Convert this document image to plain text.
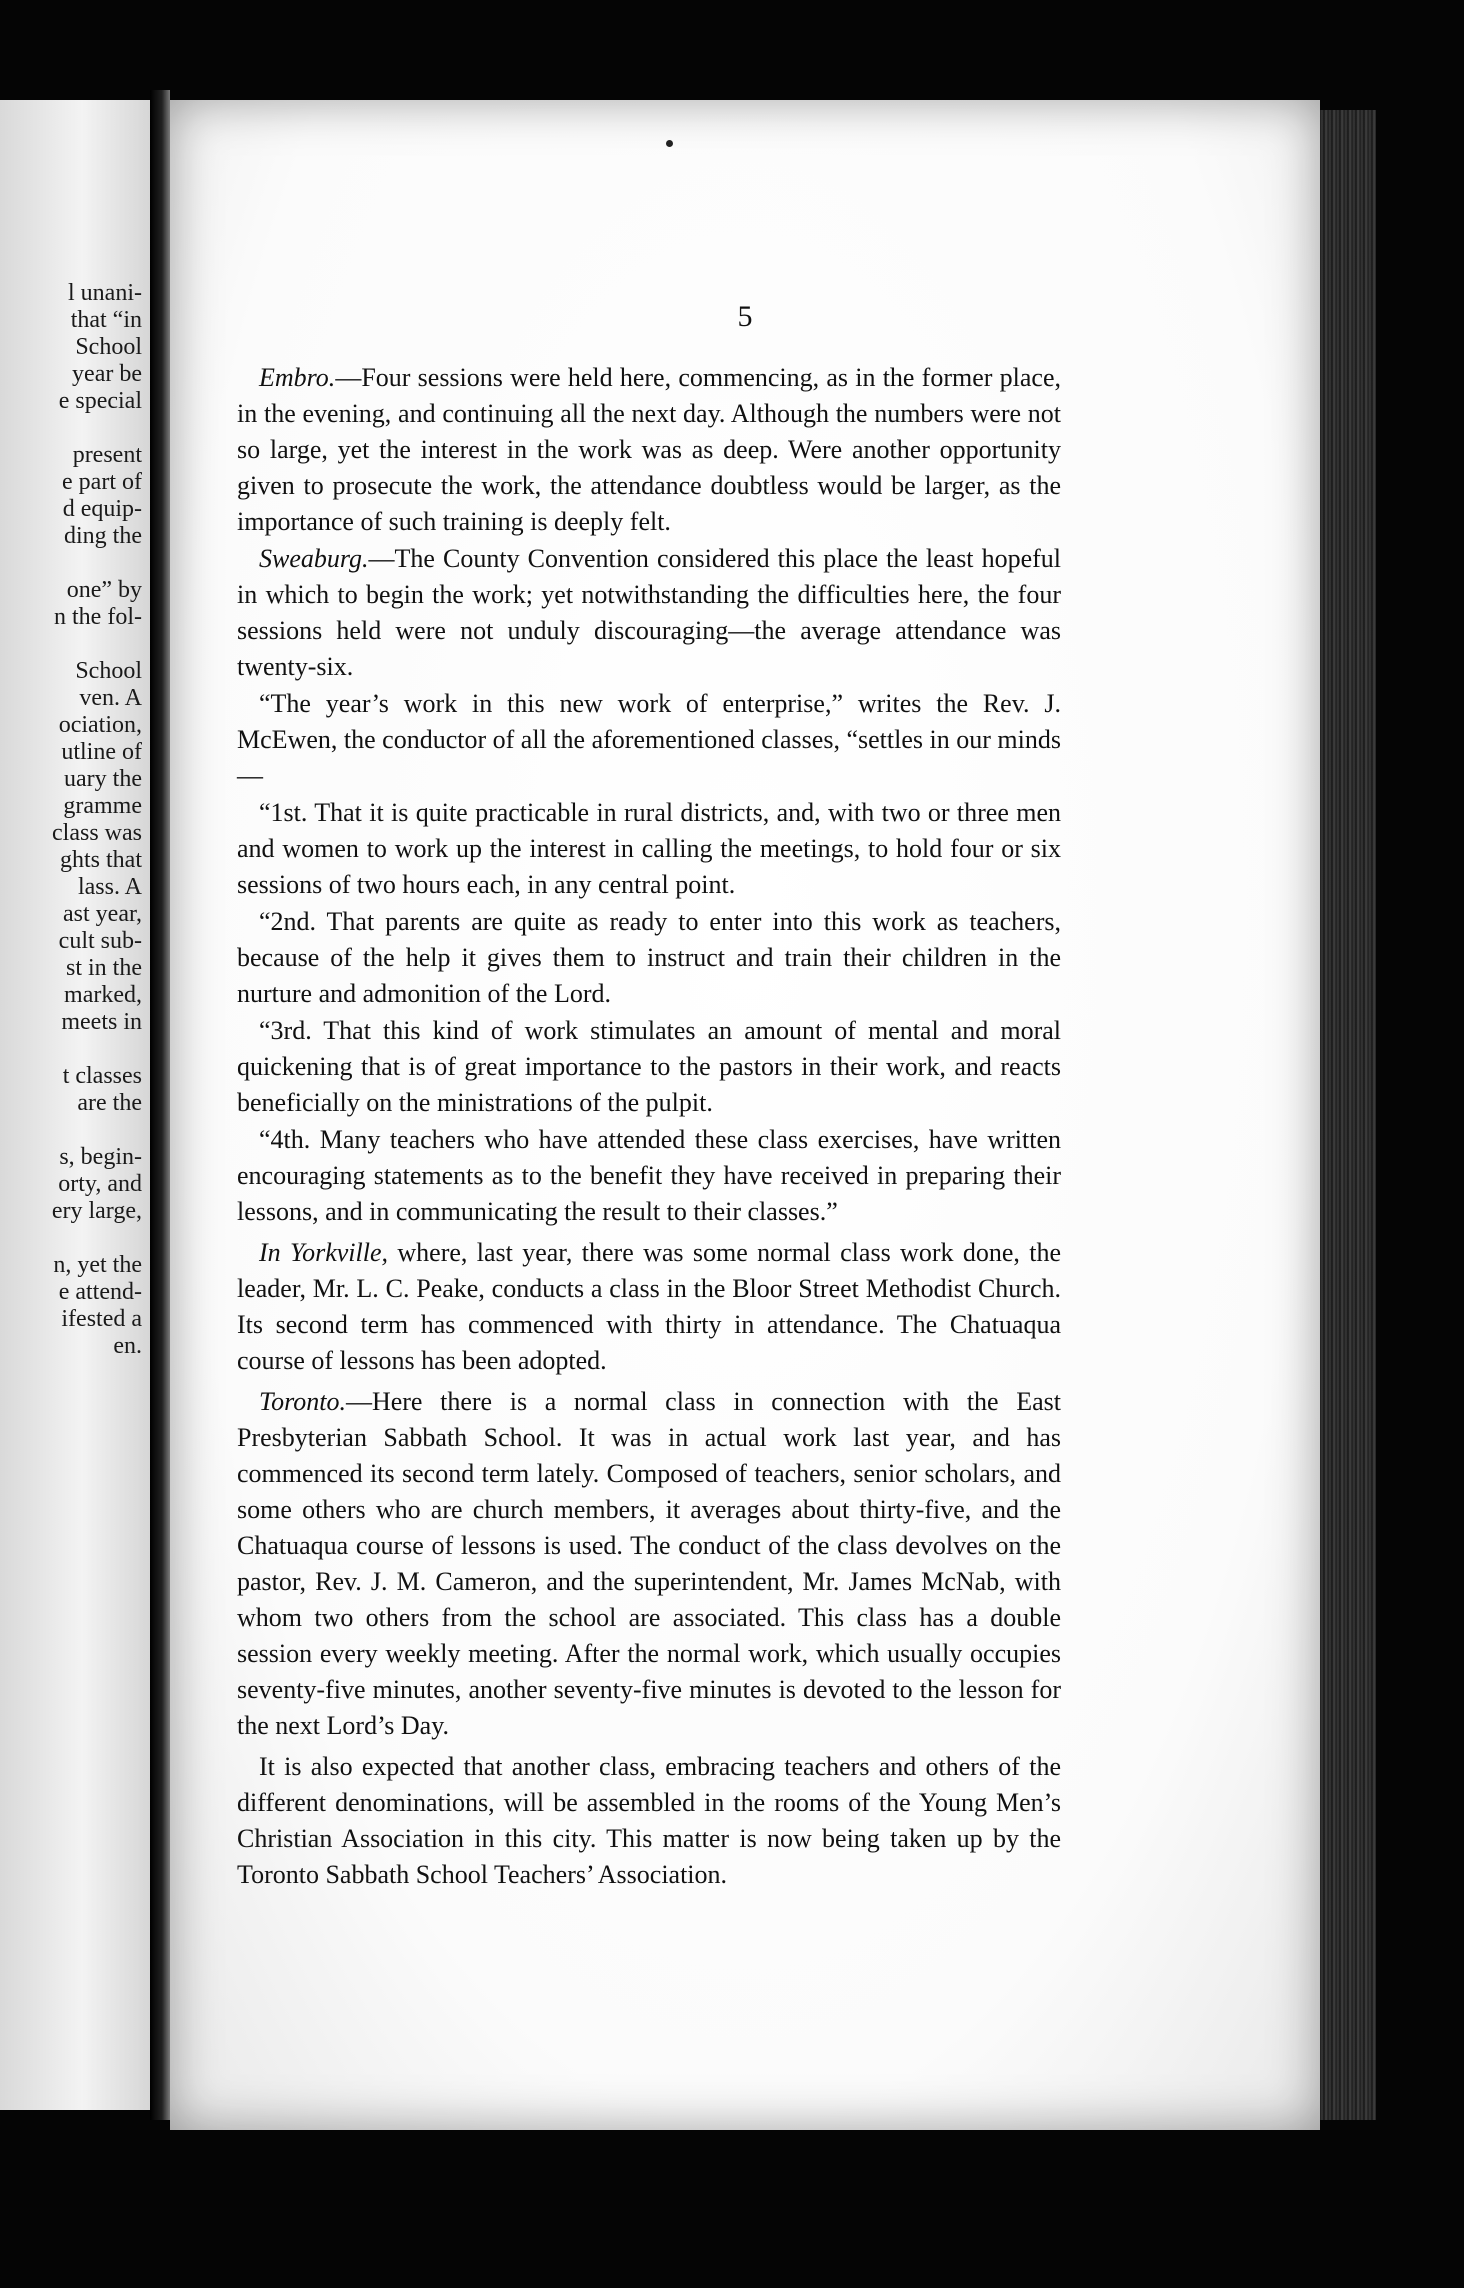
l unani-
that “in
School
year be
e special
present
e part of
d equip-
ding the
one” by
n the fol-
School
ven. A
ociation,
utline of
uary the
gramme
class was
ghts that
lass. A
ast year,
cult sub-
st in the
marked,
meets in
t classes
are the
s, begin-
orty, and
ery large,
n, yet the
e attend-
ifested a
en.
5

Embro.—Four sessions were held here, commencing, as in the former place, in the evening, and continuing all the next day. Although the numbers were not so large, yet the interest in the work was as deep. Were another opportunity given to prosecute the work, the attendance doubtless would be larger, as the importance of such training is deeply felt.

Sweaburg.—The County Convention considered this place the least hopeful in which to begin the work; yet notwithstanding the difficulties here, the four sessions held were not unduly discouraging—the average attendance was twenty-six.

“The year’s work in this new work of enterprise,” writes the Rev. J. McEwen, the conductor of all the aforementioned classes, “settles in our minds—

“1st. That it is quite practicable in rural districts, and, with two or three men and women to work up the interest in calling the meetings, to hold four or six sessions of two hours each, in any central point.

“2nd. That parents are quite as ready to enter into this work as teachers, because of the help it gives them to instruct and train their children in the nurture and admonition of the Lord.

“3rd. That this kind of work stimulates an amount of mental and moral quickening that is of great importance to the pastors in their work, and reacts beneficially on the ministrations of the pulpit.

“4th. Many teachers who have attended these class exercises, have written encouraging statements as to the benefit they have received in preparing their lessons, and in communicating the result to their classes.”

In Yorkville, where, last year, there was some normal class work done, the leader, Mr. L. C. Peake, conducts a class in the Bloor Street Methodist Church. Its second term has commenced with thirty in attendance. The Chatuaqua course of lessons has been adopted.

Toronto.—Here there is a normal class in connection with the East Presbyterian Sabbath School. It was in actual work last year, and has commenced its second term lately. Composed of teachers, senior scholars, and some others who are church members, it averages about thirty-five, and the Chatuaqua course of lessons is used. The conduct of the class devolves on the pastor, Rev. J. M. Cameron, and the superintendent, Mr. James McNab, with whom two others from the school are associated. This class has a double session every weekly meeting. After the normal work, which usually occupies seventy-five minutes, another seventy-five minutes is devoted to the lesson for the next Lord’s Day.

It is also expected that another class, embracing teachers and others of the different denominations, will be assembled in the rooms of the Young Men’s Christian Association in this city. This matter is now being taken up by the Toronto Sabbath School Teachers’ Association.
